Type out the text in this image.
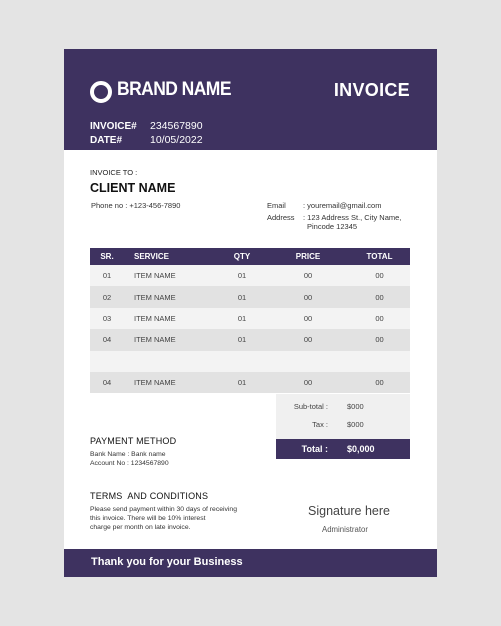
BRAND NAME	INVOICE
INVOICE# 234567890
DATE#	10/05/2022
INVOICE TO :
CLIENT NAME
Phone no : +123-456-7890	Email : youremail@gmail.com
Address : 123 Address St., City Name,
Pincode 12345
SR.	SERVICE	QTY	PRICE	TOTAL
01	ITEM NAME	01	00	00
02	ITEM NAME	01	00	00
03	ITEM NAME	01	00	00
04	ITEM NAME	01	00	00

04	ITEM NAME	01	00	00
Sub-total :	$000
Tax :	$000
Total : $0,000
PAYMENT METHOD
Bank Name : Bank name
Account No : 1234567890
TERMS  AND CONDITIONS
Please send payment within 30 days of receiving
this invoice. There will be 10% interest
charge per month on late invoice.
Signature here
Administrator
Thank you for your Business
